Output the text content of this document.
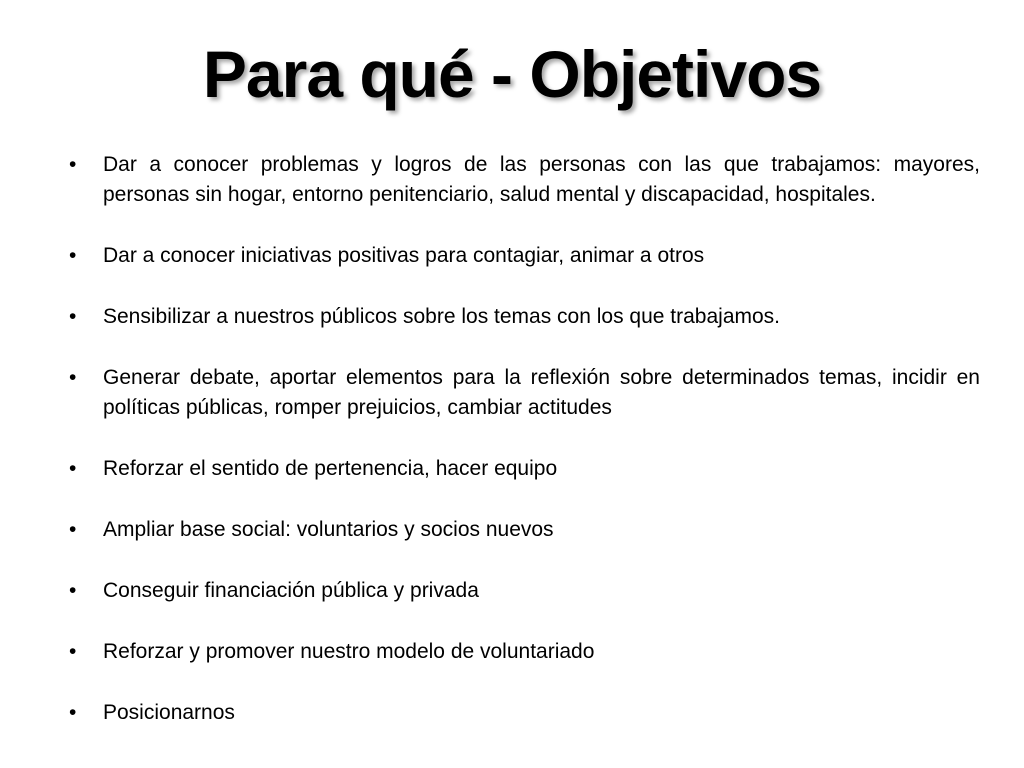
Para qué - Objetivos
•	Dar a conocer problemas y logros de las personas con las que trabajamos: mayores, personas sin hogar, entorno penitenciario, salud mental y discapacidad, hospitales.
•	Dar a conocer iniciativas positivas para contagiar, animar a otros
•	Sensibilizar a nuestros públicos sobre los temas con los que trabajamos.
•	Generar debate, aportar elementos para la reflexión sobre determinados temas, incidir en políticas públicas, romper prejuicios, cambiar actitudes
•	Reforzar el sentido de pertenencia, hacer equipo
•	Ampliar base social: voluntarios y socios nuevos
•	Conseguir financiación pública y privada
•	Reforzar y promover nuestro modelo de voluntariado
•	Posicionarnos
